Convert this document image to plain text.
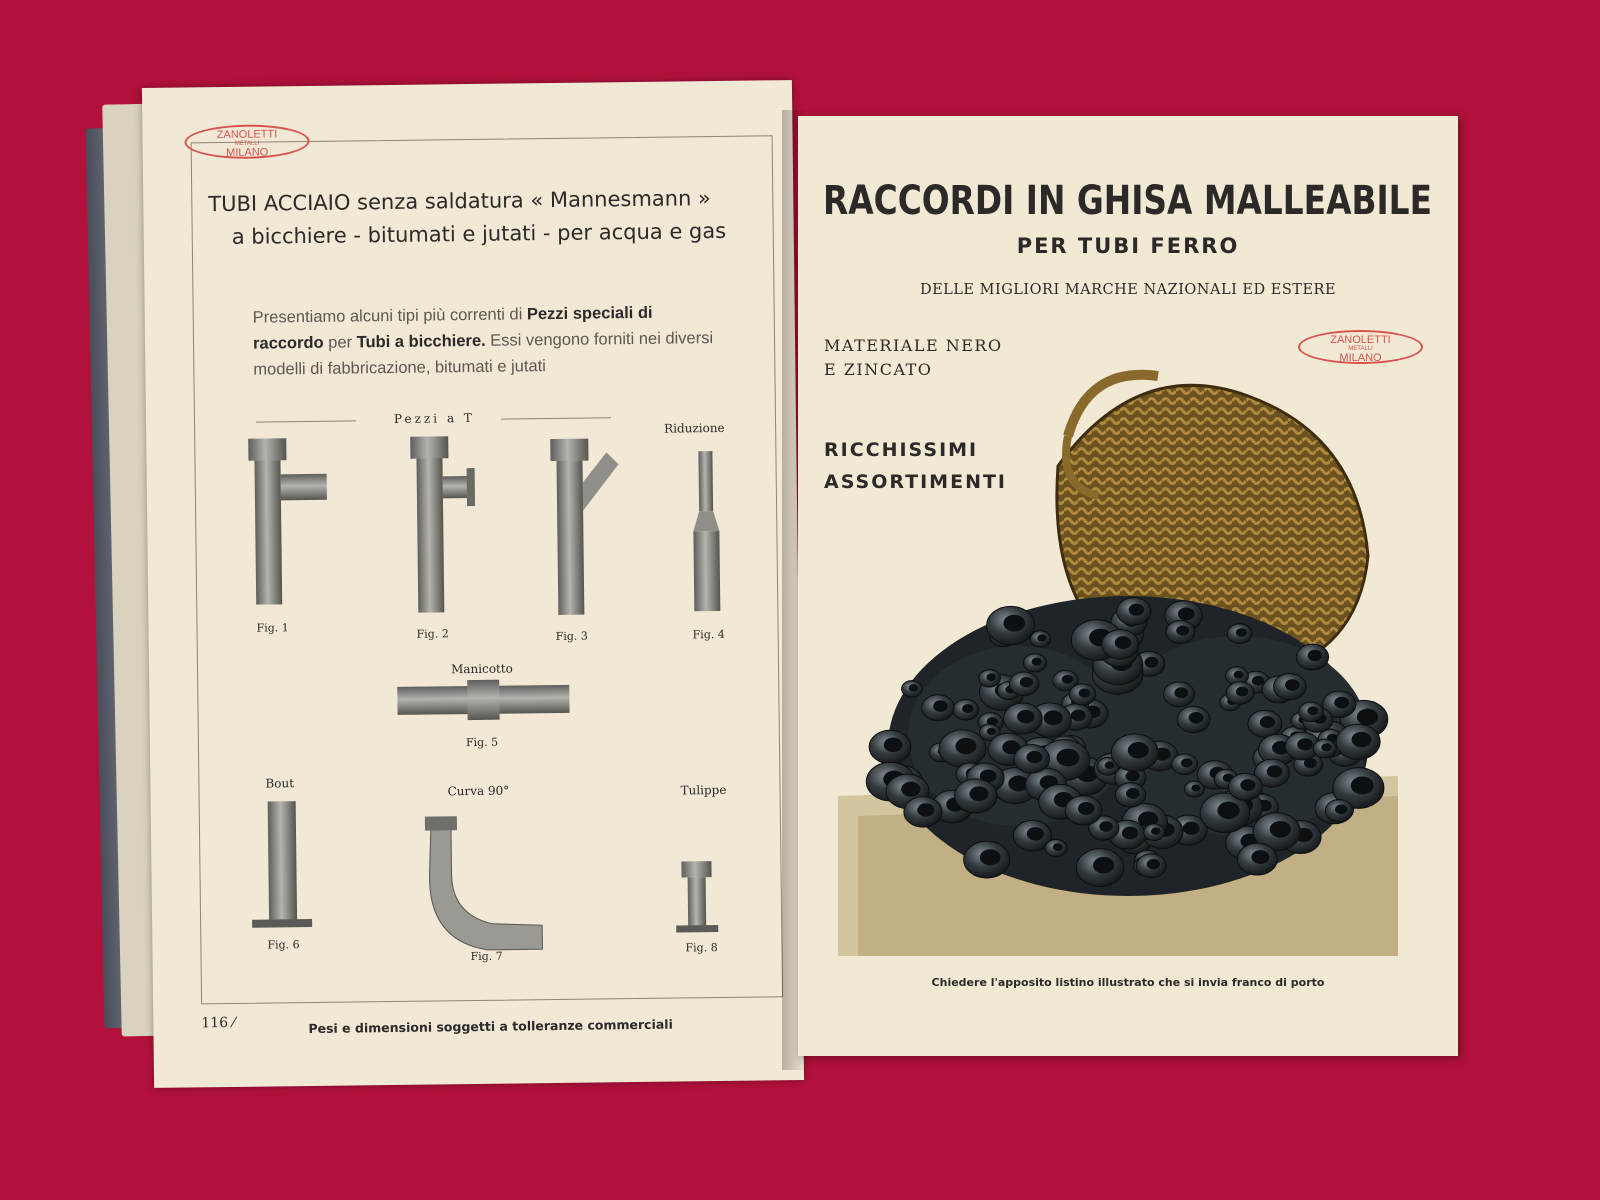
ZANOLETTI
METALLI
MILANO
TUBI ACCIAIO senza saldatura « Mannesmann »
a bicchiere - bitumati e jutati - per acqua e gas
Presentiamo alcuni tipi più correnti di Pezzi speciali di raccordo per Tubi a bicchiere. Essi vengono forniti nei diversi modelli di fabbricazione, bitumati e jutati
Pezzi a T
Riduzione
Fig. 1	Fig. 2	Fig. 3	Fig. 4
Manicotto
Fig. 5
Bout
Curva 90°	Tulippe
Fig. 6
Fig. 7
Fig. 8
116 ⁄	Pesi e dimensioni soggetti a tolleranze commerciali
RACCORDI IN GHISA MALLEABILE
PER TUBI FERRO
DELLE MIGLIORI MARCHE NAZIONALI ED ESTERE
MATERIALE NERO
E ZINCATO
ZANOLETTI
METALLI
MILANO
RICCHISSIMI
ASSORTIMENTI
Chiedere l'apposito listino illustrato che si invia franco di porto
